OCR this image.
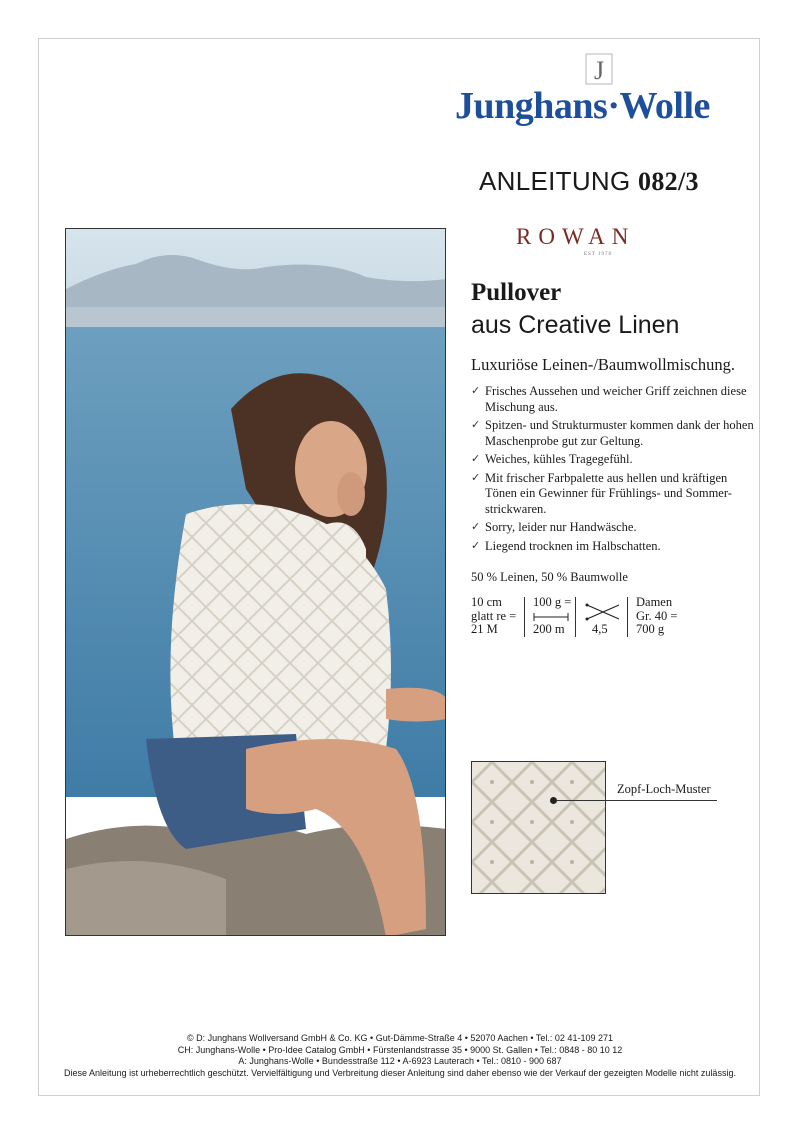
J
Junghans·Wolle
ANLEITUNG 082/3
ROWAN
EST 1978
Pullover
aus Creative Linen
Luxuriöse Leinen-/Baumwollmischung.
✓ Frisches Aussehen und weicher Griff zeichnen diese Mischung aus.
✓ Spitzen- und Strukturmuster kommen dank der hohen Maschenprobe gut zur Geltung.
✓ Weiches, kühles Tragegefühl.
✓ Mit frischer Farbpalette aus hellen und kräftigen Tönen ein Gewinner für Frühlings- und Sommer-strickwaren.
✓ Sorry, leider nur Handwäsche.
✓ Liegend trocknen im Halbschatten.
50 % Leinen, 50 % Baumwolle
10 cm
glatt re =
21 M
100 g =
200 m	4,5
Damen
Gr. 40 =
700 g
Zopf-Loch-Muster
© D: Junghans Wollversand GmbH & Co. KG • Gut-Dämme-Straße 4 • 52070 Aachen • Tel.: 02 41-109 271
CH: Junghans-Wolle • Pro-Idee Catalog GmbH • Fürstenlandstrasse 35 • 9000 St. Gallen • Tel.: 0848 - 80 10 12
A: Junghans-Wolle • Bundesstraße 112 • A-6923 Lauterach • Tel.: 0810 - 900 687
Diese Anleitung ist urheberrechtlich geschützt. Vervielfältigung und Verbreitung dieser Anleitung sind daher ebenso wie der Verkauf der gezeigten Modelle nicht zulässig.
